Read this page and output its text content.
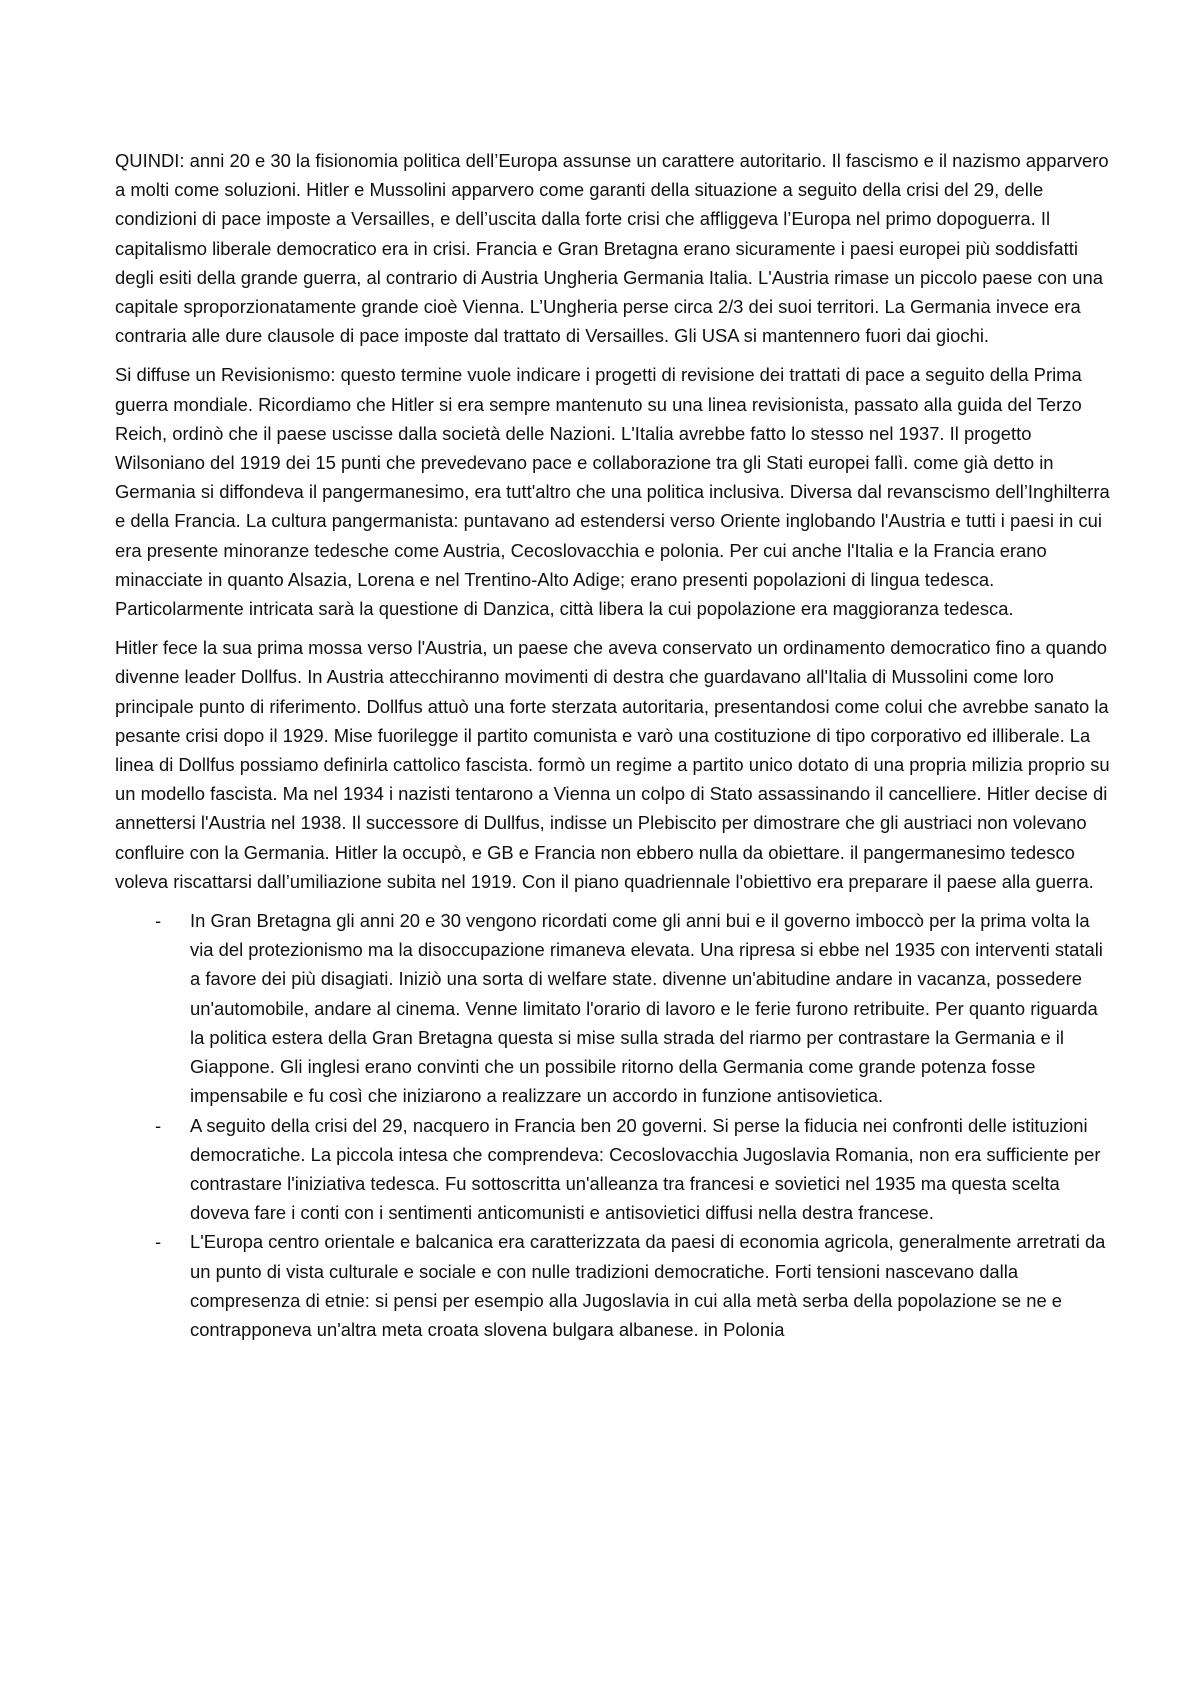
QUINDI: anni 20 e 30 la fisionomia politica dell’Europa assunse un carattere autoritario. Il fascismo e il nazismo apparvero a molti come soluzioni. Hitler e Mussolini apparvero come garanti della situazione a seguito della crisi del 29, delle condizioni di pace imposte a Versailles, e dell’uscita dalla forte crisi che affliggeva l’Europa nel primo dopoguerra. Il capitalismo liberale democratico era in crisi. Francia e Gran Bretagna erano sicuramente i paesi europei più soddisfatti degli esiti della grande guerra, al contrario di Austria Ungheria Germania Italia. L'Austria rimase un piccolo paese con una capitale sproporzionatamente grande cioè Vienna. L’Ungheria perse circa 2/3 dei suoi territori. La Germania invece era contraria alle dure clausole di pace imposte dal trattato di Versailles. Gli USA si mantennero fuori dai giochi.

Si diffuse un Revisionismo: questo termine vuole indicare i progetti di revisione dei trattati di pace a seguito della Prima guerra mondiale. Ricordiamo che Hitler si era sempre mantenuto su una linea revisionista, passato alla guida del Terzo Reich, ordinò che il paese uscisse dalla società delle Nazioni. L'Italia avrebbe fatto lo stesso nel 1937. Il progetto Wilsoniano del 1919 dei 15 punti che prevedevano pace e collaborazione tra gli Stati europei fallì. come già detto in Germania si diffondeva il pangermanesimo, era tutt'altro che una politica inclusiva. Diversa dal revanscismo dell’Inghilterra e della Francia. La cultura pangermanista: puntavano ad estendersi verso Oriente inglobando l'Austria e tutti i paesi in cui era presente minoranze tedesche come Austria, Cecoslovacchia e polonia. Per cui anche l'Italia e la Francia erano minacciate in quanto Alsazia, Lorena e nel Trentino-Alto Adige; erano presenti popolazioni di lingua tedesca. Particolarmente intricata sarà la questione di Danzica, città libera la cui popolazione era maggioranza tedesca.

Hitler fece la sua prima mossa verso l'Austria, un paese che aveva conservato un ordinamento democratico fino a quando divenne leader Dollfus. In Austria attecchiranno movimenti di destra che guardavano all'Italia di Mussolini come loro principale punto di riferimento. Dollfus attuò una forte sterzata autoritaria, presentandosi come colui che avrebbe sanato la pesante crisi dopo il 1929. Mise fuorilegge il partito comunista e varò una costituzione di tipo corporativo ed illiberale. La linea di Dollfus possiamo definirla cattolico fascista. formò un regime a partito unico dotato di una propria milizia proprio su un modello fascista. Ma nel 1934 i nazisti tentarono a Vienna un colpo di Stato assassinando il cancelliere. Hitler decise di annettersi l'Austria nel 1938. Il successore di Dullfus, indisse un Plebiscito per dimostrare che gli austriaci non volevano confluire con la Germania. Hitler la occupò, e GB e Francia non ebbero nulla da obiettare. il pangermanesimo tedesco voleva riscattarsi dall’umiliazione subita nel 1919. Con il piano quadriennale l'obiettivo era preparare il paese alla guerra.

- In Gran Bretagna gli anni 20 e 30 vengono ricordati come gli anni bui e il governo imboccò per la prima volta la via del protezionismo ma la disoccupazione rimaneva elevata. Una ripresa si ebbe nel 1935 con interventi statali a favore dei più disagiati. Iniziò una sorta di welfare state. divenne un'abitudine andare in vacanza, possedere un'automobile, andare al cinema. Venne limitato l'orario di lavoro e le ferie furono retribuite. Per quanto riguarda la politica estera della Gran Bretagna questa si mise sulla strada del riarmo per contrastare la Germania e il Giappone. Gli inglesi erano convinti che un possibile ritorno della Germania come grande potenza fosse impensabile e fu così che iniziarono a realizzare un accordo in funzione antisovietica.
- A seguito della crisi del 29, nacquero in Francia ben 20 governi. Si perse la fiducia nei confronti delle istituzioni democratiche. La piccola intesa che comprendeva: Cecoslovacchia Jugoslavia Romania, non era sufficiente per contrastare l'iniziativa tedesca. Fu sottoscritta un'alleanza tra francesi e sovietici nel 1935 ma questa scelta doveva fare i conti con i sentimenti anticomunisti e antisovietici diffusi nella destra francese.
- L'Europa centro orientale e balcanica era caratterizzata da paesi di economia agricola, generalmente arretrati da un punto di vista culturale e sociale e con nulle tradizioni democratiche. Forti tensioni nascevano dalla compresenza di etnie: si pensi per esempio alla Jugoslavia in cui alla metà serba della popolazione se ne e contrapponeva un'altra meta croata slovena bulgara albanese. in Polonia
